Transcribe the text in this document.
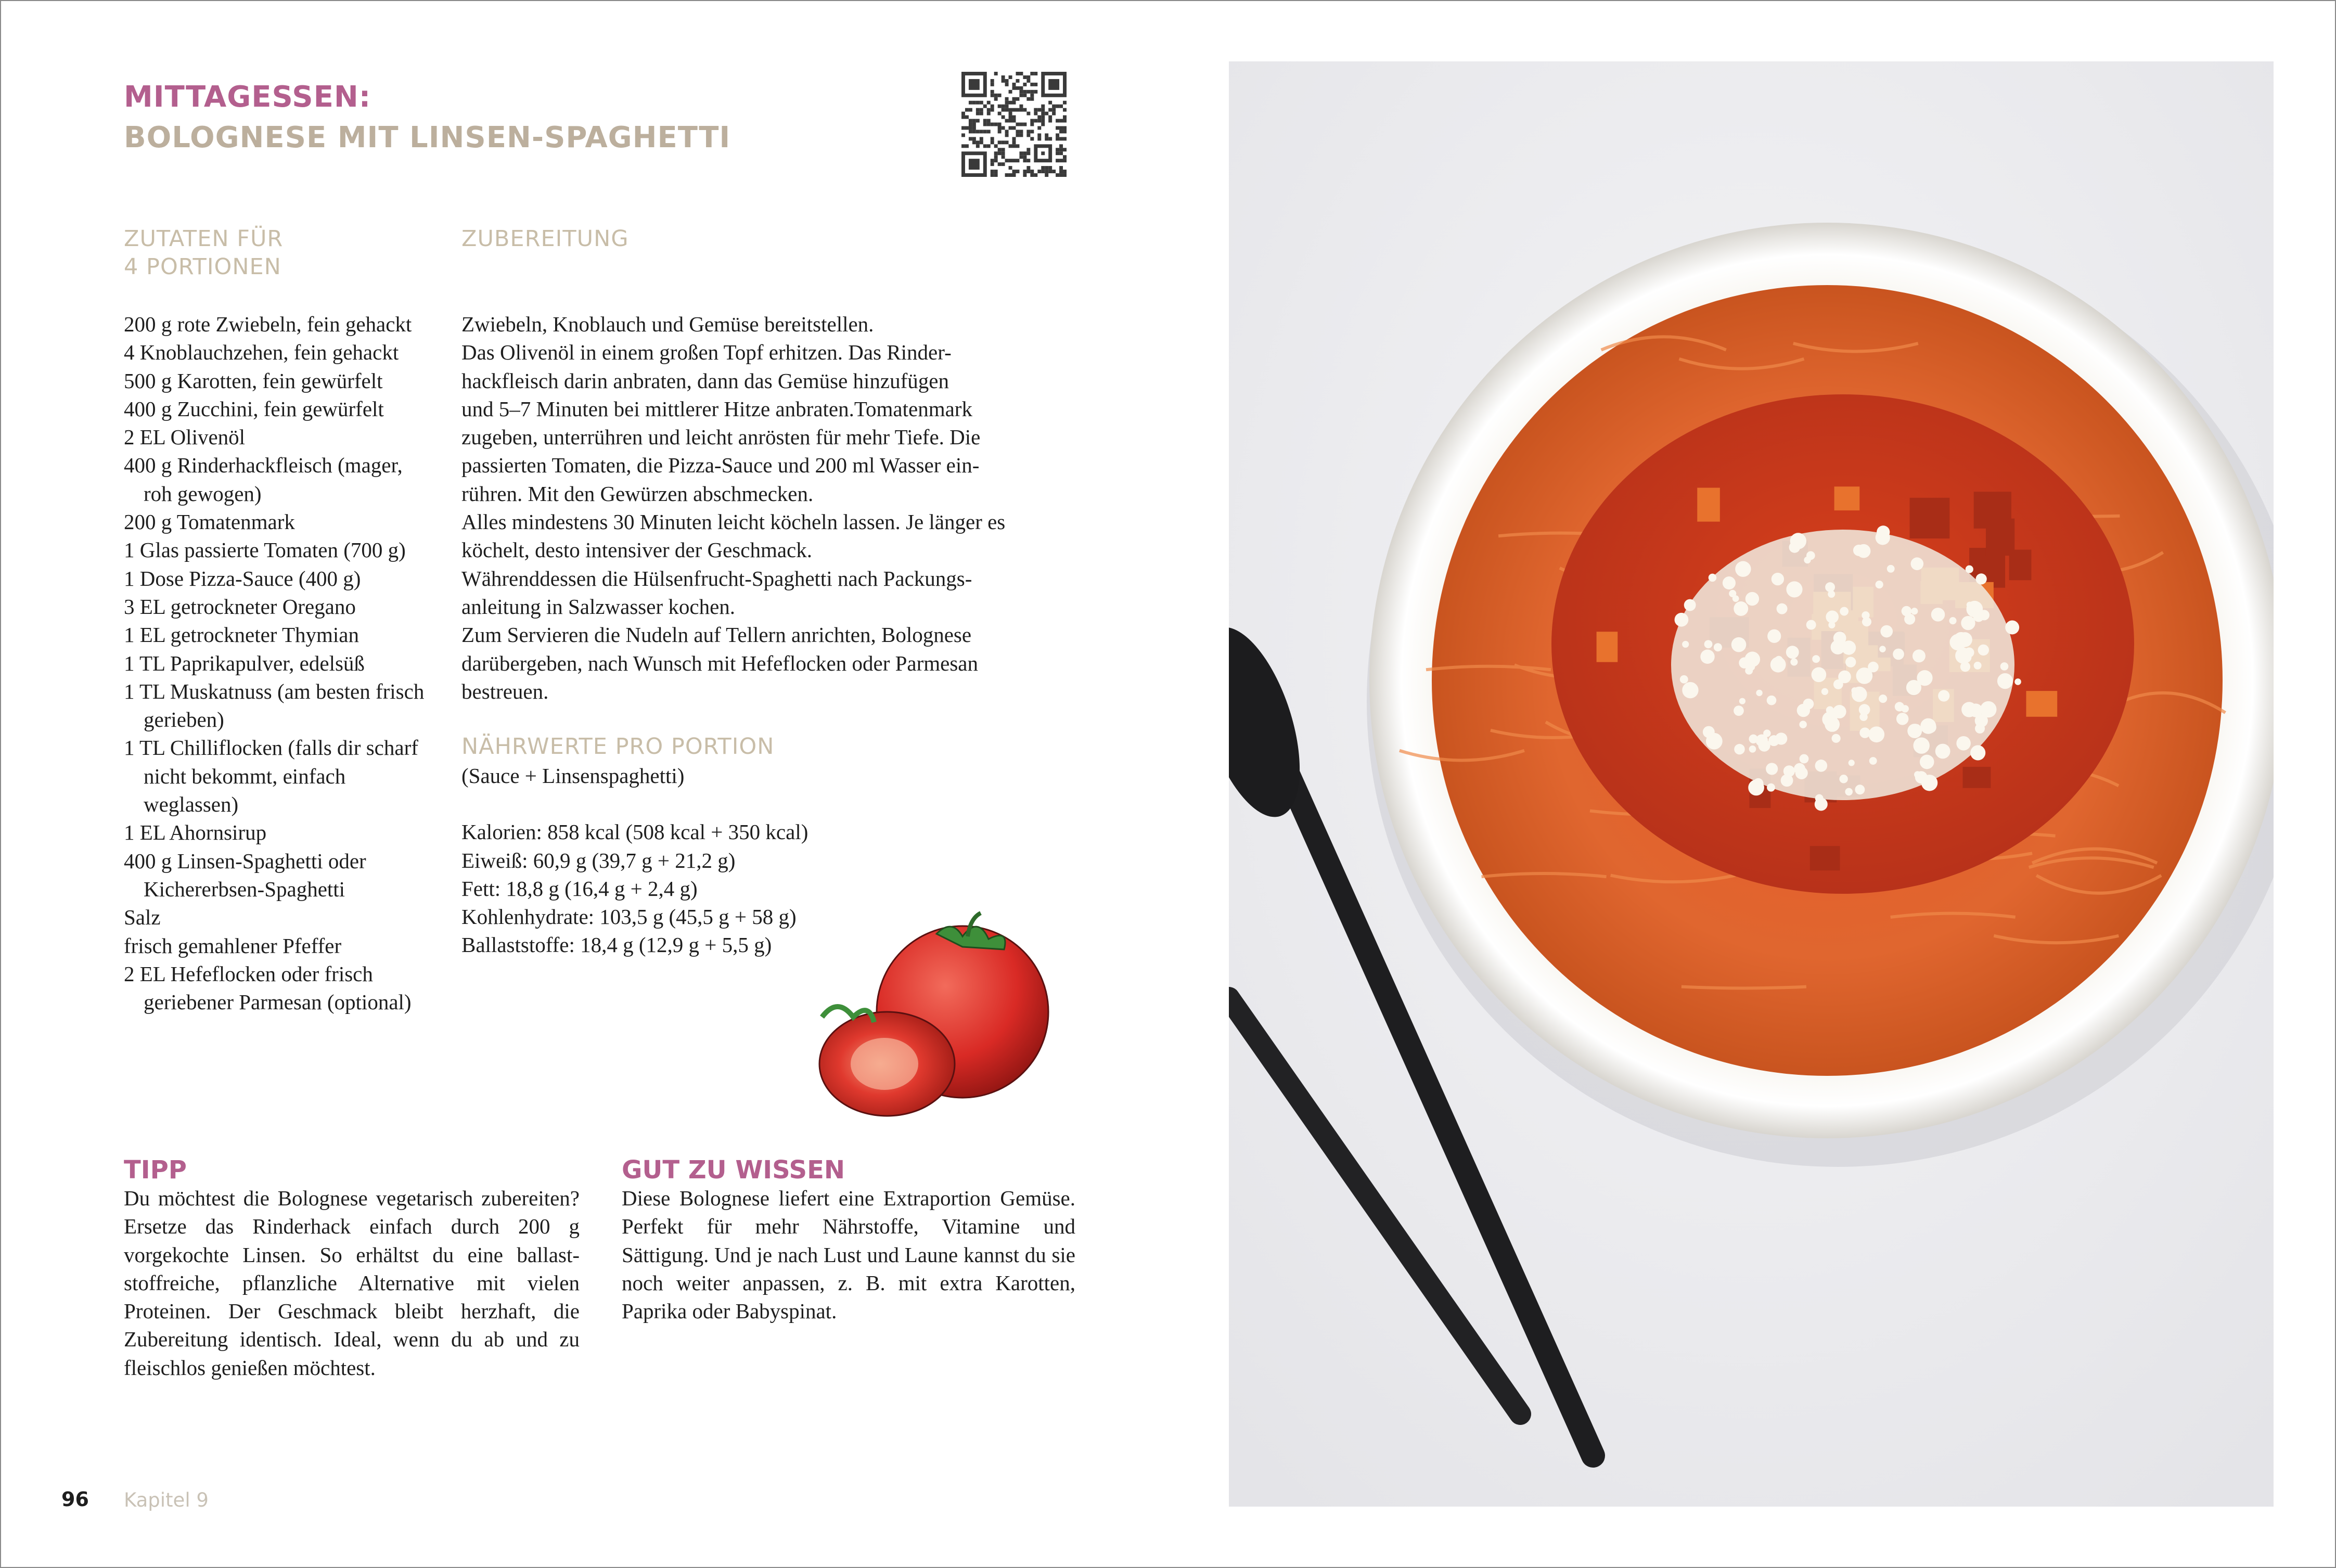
MITTAGESSEN:
BOLOGNESE MIT LINSEN-SPAGHETTI
ZUTATEN FÜR
4 PORTIONEN
200 g rote Zwiebeln, fein gehackt
4 Knoblauchzehen, fein gehackt
500 g Karotten, fein gewürfelt
400 g Zucchini, fein gewürfelt
2 EL Olivenöl
400 g Rinderhackfleisch (mager, roh gewogen)
200 g Tomatenmark
1 Glas passierte Tomaten (700 g)
1 Dose Pizza-Sauce (400 g)
3 EL getrockneter Oregano
1 EL getrockneter Thymian
1 TL Paprikapulver, edelsüß
1 TL Muskatnuss (am besten frisch gerieben)
1 TL Chilliflocken (falls dir scharf nicht bekommt, einfach weglassen)
1 EL Ahornsirup
400 g Linsen-Spaghetti oder Kichererbsen-Spaghetti
Salz
frisch gemahlener Pfeffer
2 EL Hefeflocken oder frisch geriebener Parmesan (optional)
ZUBEREITUNG
Zwiebeln, Knoblauch und Gemüse bereitstellen.
Das Olivenöl in einem großen Topf erhitzen. Das Rinder-
hackfleisch darin anbraten, dann das Gemüse hinzufügen
und 5–7 Minuten bei mittlerer Hitze anbraten.Tomatenmark
zugeben, unterrühren und leicht anrösten für mehr Tiefe. Die
passierten Tomaten, die Pizza-Sauce und 200 ml Wasser ein-
rühren. Mit den Gewürzen abschmecken.
Alles mindestens 30 Minuten leicht köcheln lassen. Je länger es
köchelt, desto intensiver der Geschmack.
Währenddessen die Hülsenfrucht-Spaghetti nach Packungs-
anleitung in Salzwasser kochen.
Zum Servieren die Nudeln auf Tellern anrichten, Bolognese
darübergeben, nach Wunsch mit Hefeflocken oder Parmesan
bestreuen.
NÄHRWERTE PRO PORTION
(Sauce + Linsenspaghetti)
Kalorien: 858 kcal (508 kcal + 350 kcal)
Eiweiß: 60,9 g (39,7 g + 21,2 g)
Fett: 18,8 g (16,4 g + 2,4 g)
Kohlenhydrate: 103,5 g (45,5 g + 58 g)
Ballaststoffe: 18,4 g (12,9 g + 5,5 g)
TIPP
Du möchtest die Bolognese vegetarisch zubereiten? Ersetze das Rinderhack einfach durch 200 g vorgekochte Linsen. So erhältst du eine ballaststoffreiche, pflanzliche Alternative mit vielen Proteinen. Der Geschmack bleibt herzhaft, die Zubereitung identisch. Ideal, wenn du ab und zu fleischlos genießen möchtest.
GUT ZU WISSEN
Diese Bolognese liefert eine Extraportion Gemüse. Perfekt für mehr Nährstoffe, Vitamine und Sättigung. Und je nach Lust und Laune kannst du sie noch weiter anpassen, z. B. mit extra Karotten, Paprika oder Babyspinat.
96 Kapitel 9
